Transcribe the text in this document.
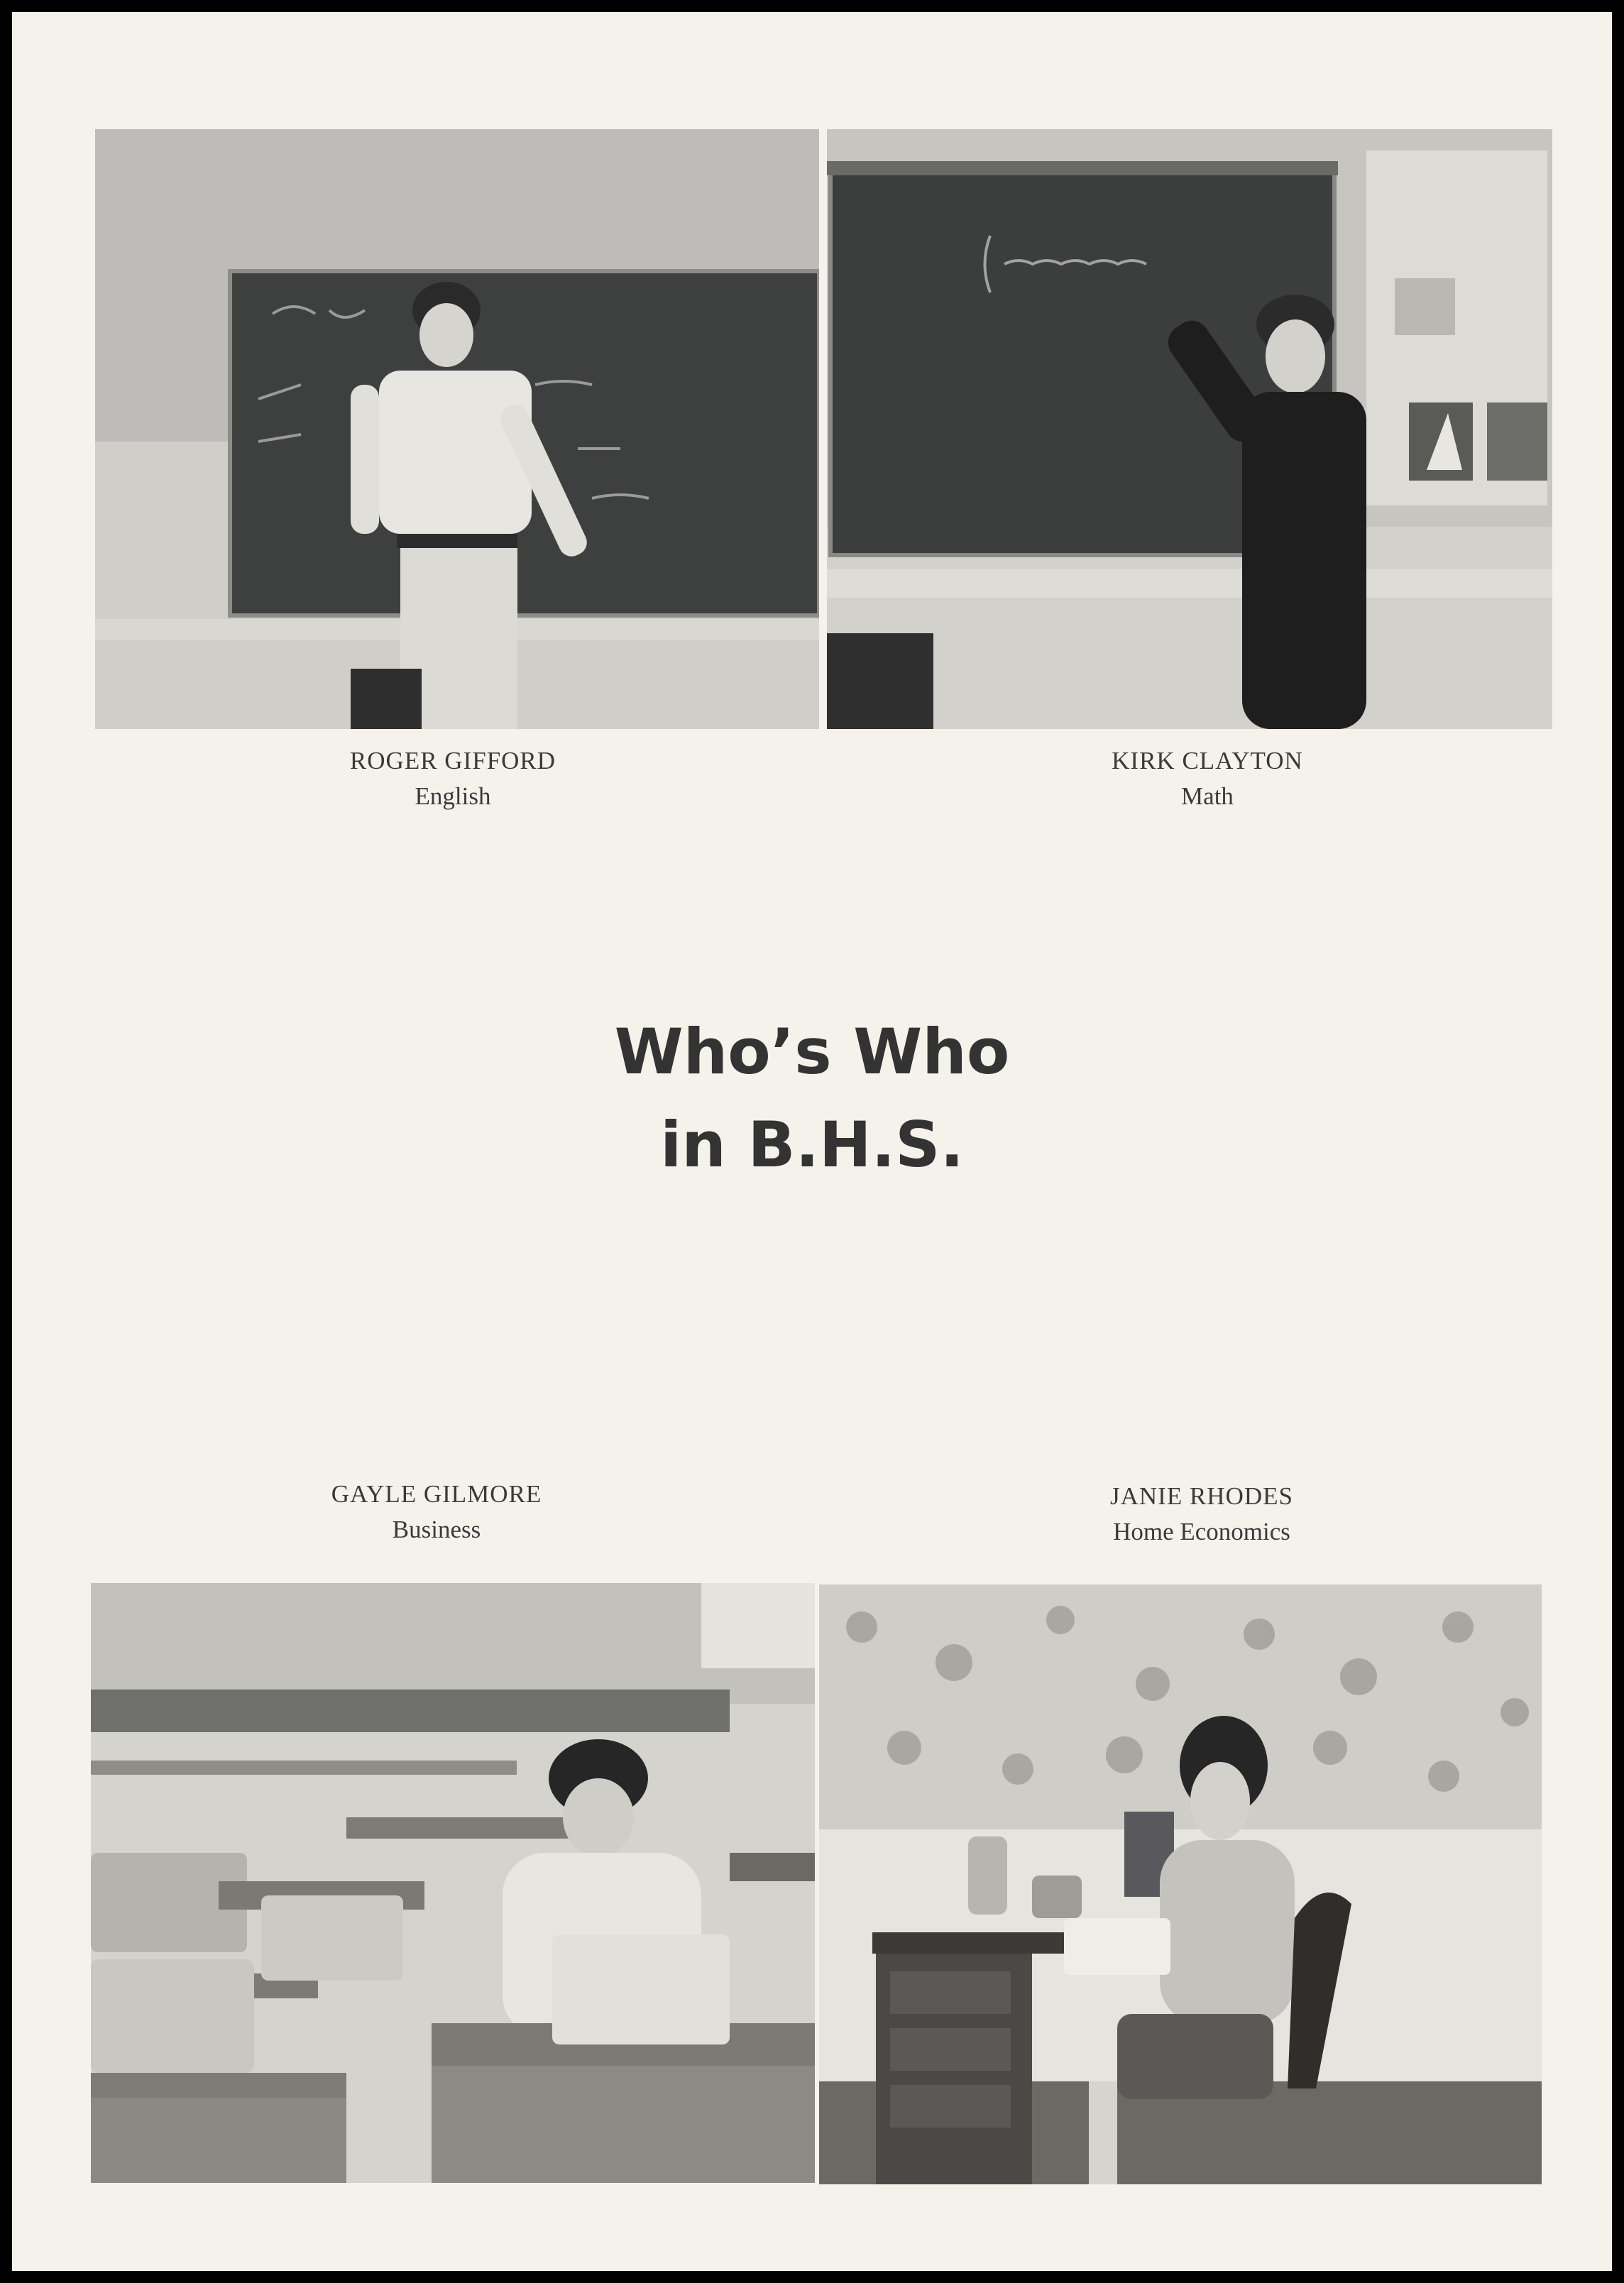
ROGER GIFFORD
English
KIRK CLAYTON
Math
Who’s Who
in B.H.S.
GAYLE GILMORE
Business
JANIE RHODES
Home Economics
